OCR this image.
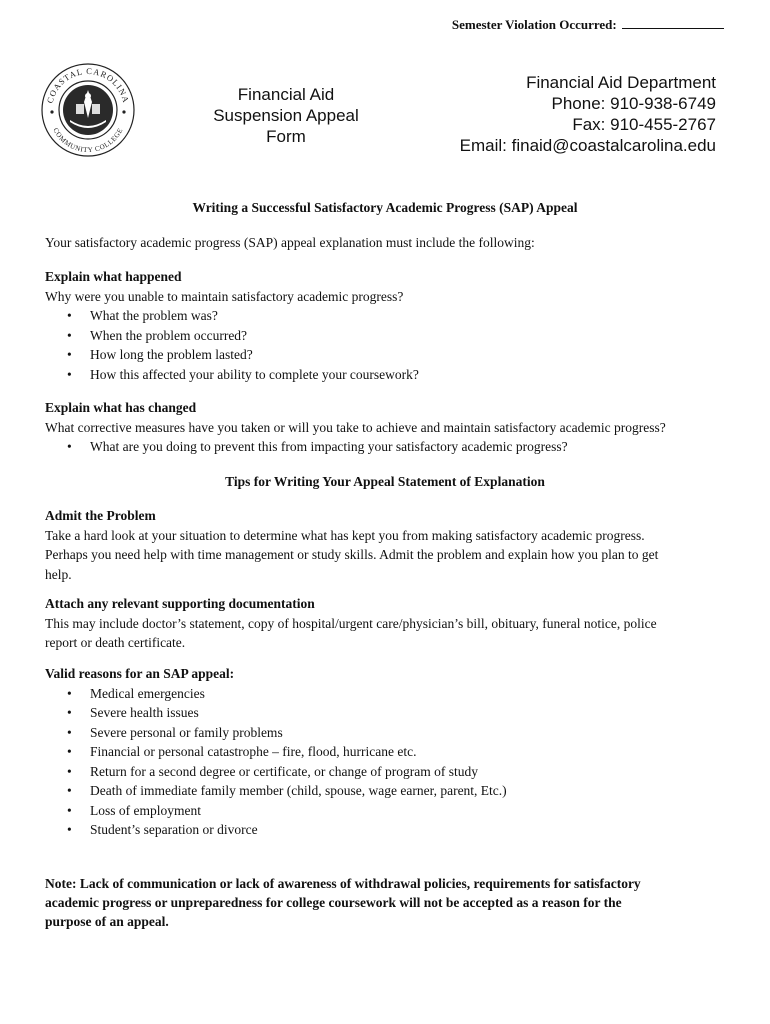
Semester Violation Occurred:
COASTAL CAROLINA
COMMUNITY COLLEGE
Financial Aid
Suspension Appeal
Form
Financial Aid Department
Phone: 910-938-6749
Fax: 910-455-2767
Email: finaid@coastalcarolina.edu
Writing a Successful Satisfactory Academic Progress (SAP) Appeal
Your satisfactory academic progress (SAP) appeal explanation must include the following:
Explain what happened
Why were you unable to maintain satisfactory academic progress?
• What the problem was?
• When the problem occurred?
• How long the problem lasted?
• How this affected your ability to complete your coursework?
Explain what has changed
What corrective measures have you taken or will you take to achieve and maintain satisfactory academic progress?
• What are you doing to prevent this from impacting your satisfactory academic progress?
Tips for Writing Your Appeal Statement of Explanation
Admit the Problem
Take a hard look at your situation to determine what has kept you from making satisfactory academic progress.
Perhaps you need help with time management or study skills. Admit the problem and explain how you plan to get
help.
Attach any relevant supporting documentation
This may include doctor’s statement, copy of hospital/urgent care/physician’s bill, obituary, funeral notice, police
report or death certificate.
Valid reasons for an SAP appeal:
• Medical emergencies
• Severe health issues
• Severe personal or family problems
• Financial or personal catastrophe – fire, flood, hurricane etc.
• Return for a second degree or certificate, or change of program of study
• Death of immediate family member (child, spouse, wage earner, parent, Etc.)
• Loss of employment
• Student’s separation or divorce
Note: Lack of communication or lack of awareness of withdrawal policies, requirements for satisfactory
academic progress or unpreparedness for college coursework will not be accepted as a reason for the
purpose of an appeal.
